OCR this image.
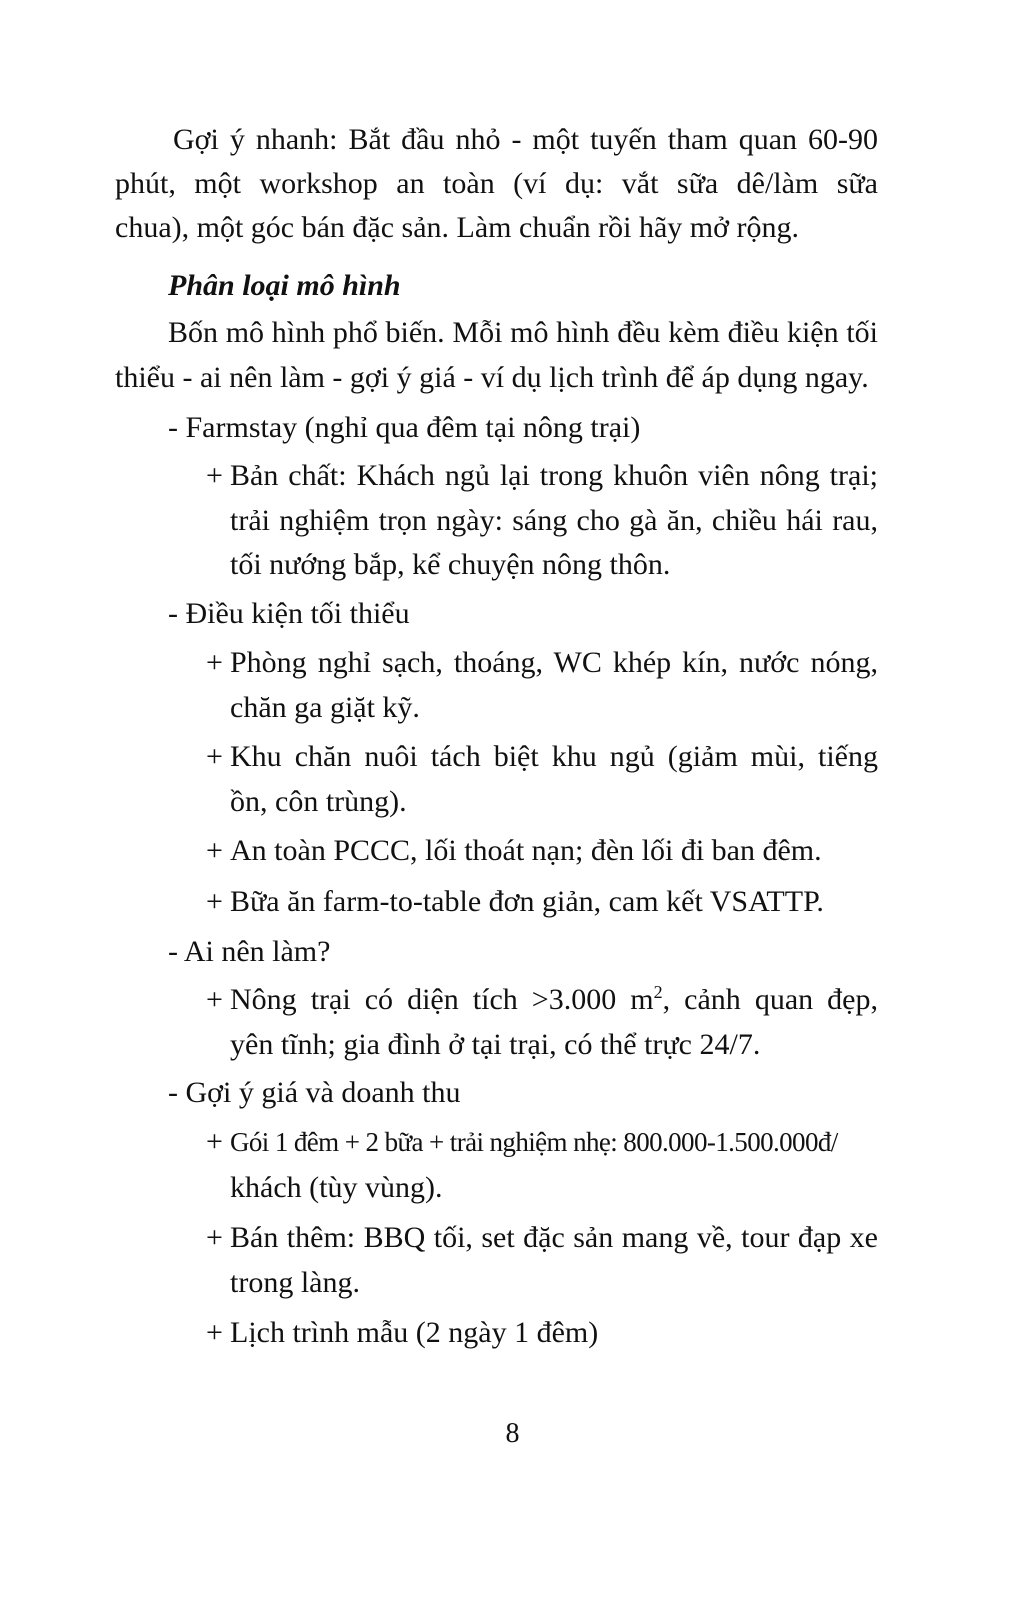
Gợi ý nhanh: Bắt đầu nhỏ - một tuyến tham quan 60-90
phút, một workshop an toàn (ví dụ: vắt sữa dê/làm sữa
chua), một góc bán đặc sản. Làm chuẩn rồi hãy mở rộng.
Phân loại mô hình
Bốn mô hình phổ biến. Mỗi mô hình đều kèm điều kiện tối
thiểu - ai nên làm - gợi ý giá - ví dụ lịch trình để áp dụng ngay.
- Farmstay (nghỉ qua đêm tại nông trại)
+ Bản chất: Khách ngủ lại trong khuôn viên nông trại;
trải nghiệm trọn ngày: sáng cho gà ăn, chiều hái rau,
tối nướng bắp, kể chuyện nông thôn.
- Điều kiện tối thiểu
+ Phòng nghỉ sạch, thoáng, WC khép kín, nước nóng,
chăn ga giặt kỹ.
+ Khu chăn nuôi tách biệt khu ngủ (giảm mùi, tiếng
ồn, côn trùng).
+ An toàn PCCC, lối thoát nạn; đèn lối đi ban đêm.
+ Bữa ăn farm-to-table đơn giản, cam kết VSATTP.
- Ai nên làm?
+ Nông trại có diện tích >3.000 $m^2$, cảnh quan đẹp,
yên tĩnh; gia đình ở tại trại, có thể trực 24/7.
- Gợi ý giá và doanh thu
+ Gói 1 đêm + 2 bữa + trải nghiệm nhẹ: 800.000-1.500.000đ/
khách (tùy vùng).
+ Bán thêm: BBQ tối, set đặc sản mang về, tour đạp xe
trong làng.
+ Lịch trình mẫu (2 ngày 1 đêm)
8
